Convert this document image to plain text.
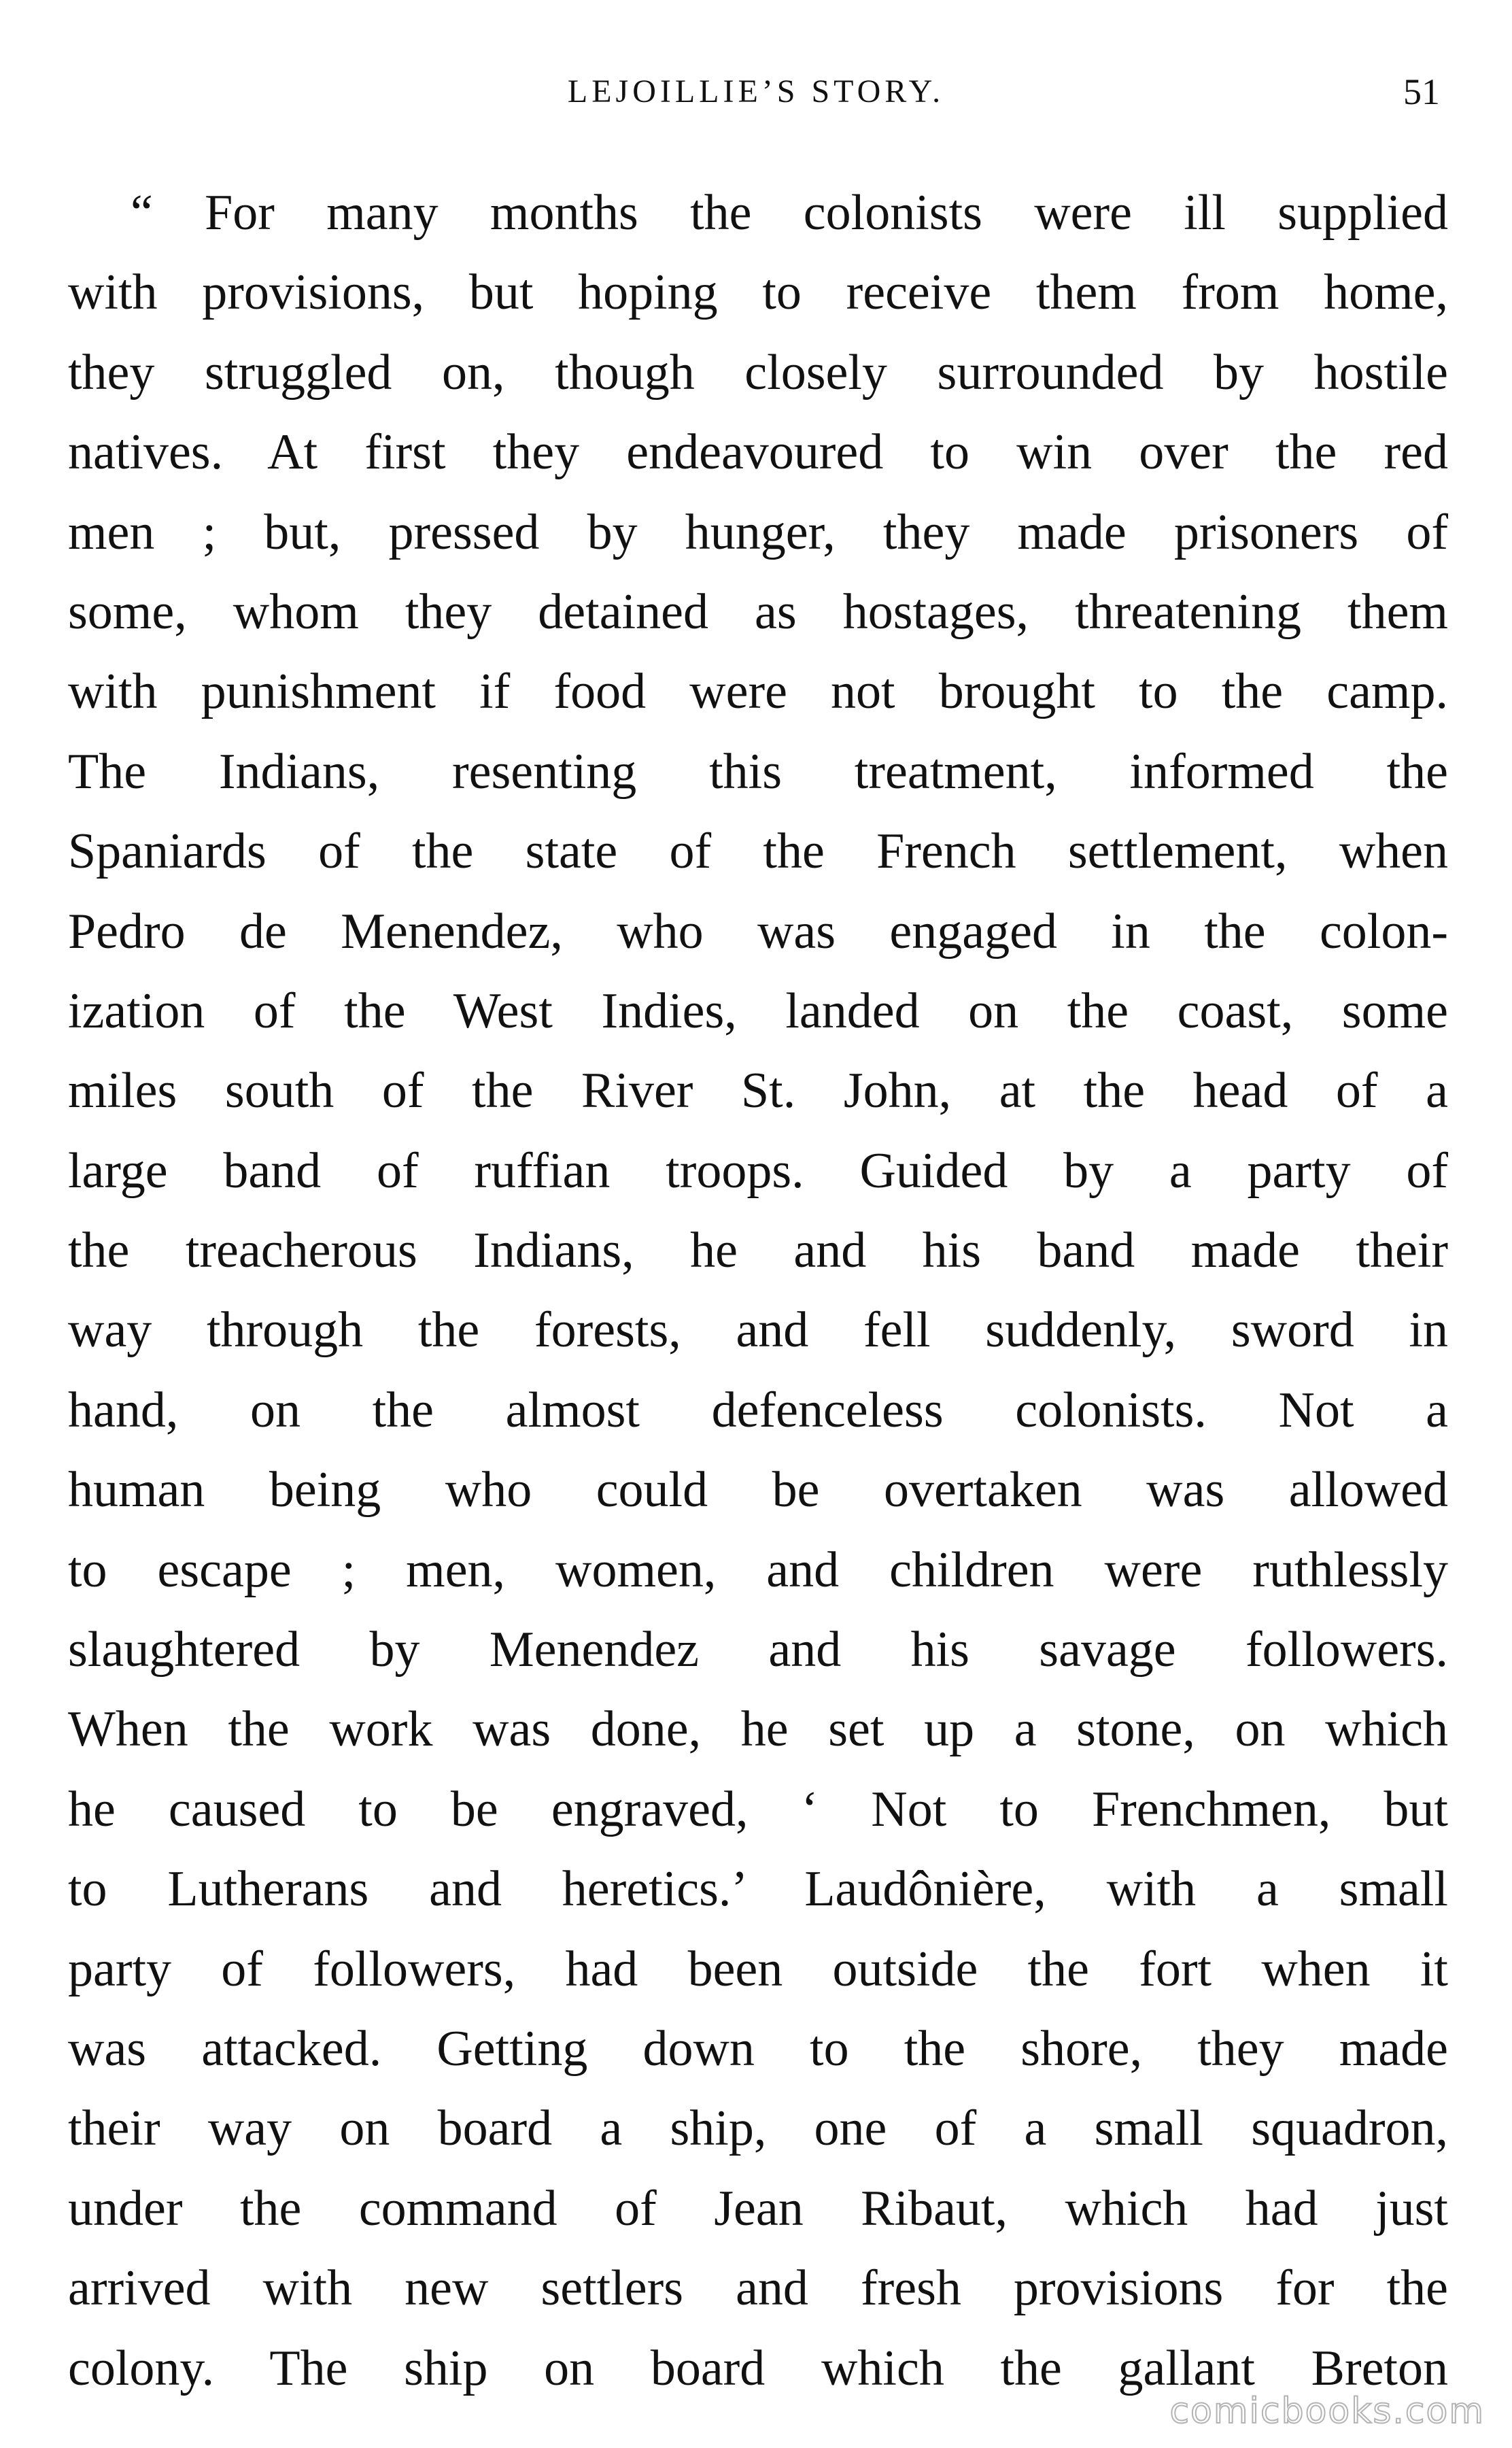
LEJOILLIE’S STORY.	51
“ For many months the colonists were ill supplied
with provisions, but hoping to receive them from home,
they struggled on, though closely surrounded by hostile
natives. At first they endeavoured to win over the red
men ; but, pressed by hunger, they made prisoners of
some, whom they detained as hostages, threatening them
with punishment if food were not brought to the camp.
The Indians, resenting this treatment, informed the
Spaniards of the state of the French settlement, when
Pedro de Menendez, who was engaged in the colon-
ization of the West Indies, landed on the coast, some
miles south of the River St. John, at the head of a
large band of ruffian troops. Guided by a party of
the treacherous Indians, he and his band made their
way through the forests, and fell suddenly, sword in
hand, on the almost defenceless colonists. Not a
human being who could be overtaken was allowed
to escape ; men, women, and children were ruthlessly
slaughtered by Menendez and his savage followers.
When the work was done, he set up a stone, on which
he caused to be engraved, ‘ Not to Frenchmen, but
to Lutherans and heretics.’ Laudônière, with a small
party of followers, had been outside the fort when it
was attacked. Getting down to the shore, they made
their way on board a ship, one of a small squadron,
under the command of Jean Ribaut, which had just
arrived with new settlers and fresh provisions for the
colony. The ship on board which the gallant Breton
comicbooks.com
